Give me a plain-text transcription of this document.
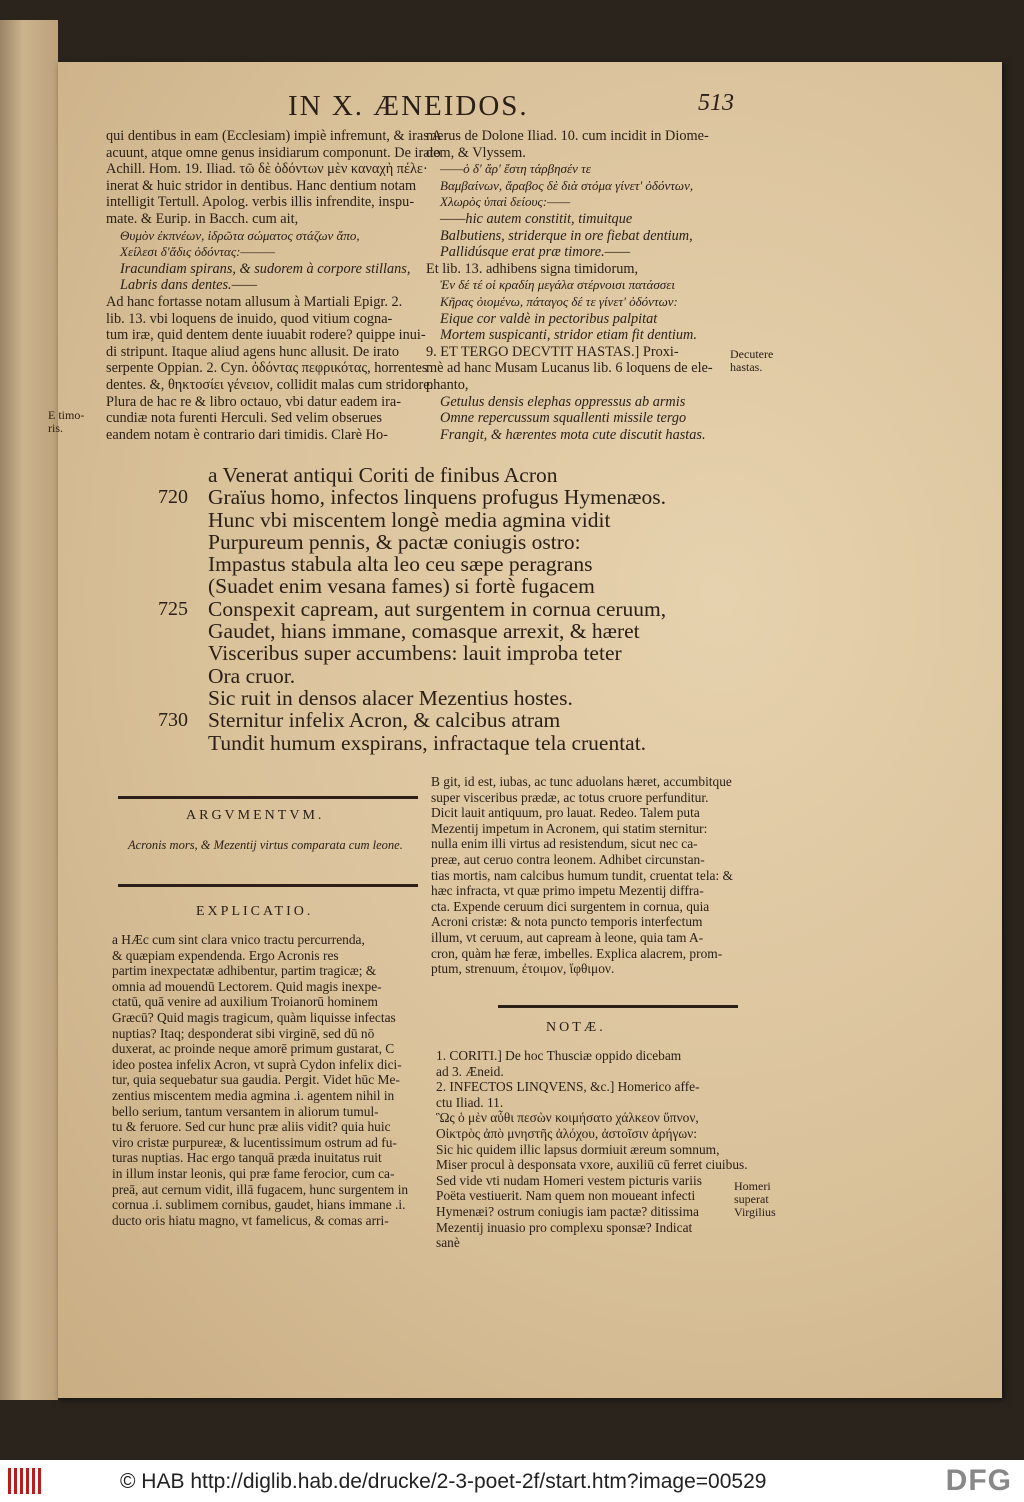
IN X. ÆNEIDOS.	513
qui dentibus in eam (Ecclesiam) impiè infremunt, & iras A
acuunt, atque omne genus insidiarum componunt. De irato
Achill. Hom. 19. Iliad. τῶ δὲ ὀδόντων μὲν καναχὴ πέλε·
inerat & huic stridor in dentibus. Hanc dentium notam
intelligit Tertull. Apolog. verbis illis infrendite, inspu-
mate. & Eurip. in Bacch. cum ait,
Θυμὸν ἐκπνέων, ἱδρῶτα σώματος στάζων ἄπο,
Χείλεσι δ'ἄδις ὀδόντας:———
Iracundiam spirans, & sudorem à corpore stillans,
Labris dans dentes.——
Ad hanc fortasse notam allusum à Martiali Epigr. 2.
lib. 13. vbi loquens de inuido, quod vitium cogna-
tum iræ, quid dentem dente iuuabit rodere? quippe inui-
di stripunt. Itaque aliud agens hunc allusit. De irato
serpente Oppian. 2. Cyn. ὀδόντας πεφρικότας, horrentes
dentes. &, θηκτοσίει γένειον, collidit malas cum stridore.
Plura de hac re & libro octauo, vbi datur eadem ira-
cundiæ nota furenti Herculi. Sed velim obserues
eandem notam è contrario dari timidis. Clarè Ho-
merus de Dolone Iliad. 10. cum incidit in Diome-
dem, & Vlyssem.
——ὁ δ' ἄρ' ἔστη τάρβησέν τε
Βαμβαίνων, ἄραβος δὲ διὰ στόμα γίνετ' ὀδόντων,
Χλωρὸς ὑπαὶ δείους:——
——hic autem constitit, timuitque
Balbutiens, striderque in ore fiebat dentium,
Pallidúsque erat præ timore.——
Et lib. 13. adhibens signa timidorum,
Ἐν δέ τέ οἱ κραδίη μεγάλα στέρνοισι πατάσσει
Κῆρας ὀιομένω, πάταγος δέ τε γίνετ' ὀδόντων:
Eique cor valdè in pectoribus palpitat
Mortem suspicanti, stridor etiam fit dentium.
9. ET TERGO DECVTIT HASTAS.] Proxi-
mè ad hanc Musam Lucanus lib. 6 loquens de ele-
phanto,
Getulus densis elephas oppressus ab armis
Omne repercussum squallenti missile tergo
Frangit, & hærentes mota cute discutit hastas.
Decutere hastas.
E timo- ris.
a Venerat antiqui Coriti de finibus Acron
720 Graïus homo, infectos linquens profugus Hymenæos.
Hunc vbi miscentem longè media agmina vidit
Purpureum pennis, & pactæ coniugis ostro:
Impastus stabula alta leo ceu sæpe peragrans
(Suadet enim vesana fames) si fortè fugacem
725 Conspexit capream, aut surgentem in cornua ceruum,
Gaudet, hians immane, comasque arrexit, & hæret
Visceribus super accumbens: lauit improba teter
Ora cruor.
Sic ruit in densos alacer Mezentius hostes.
730 Sternitur infelix Acron, & calcibus atram
Tundit humum exspirans, infractaque tela cruentat.
ARGVMENTVM.
Acronis mors, & Mezentij virtus comparata cum leone.
EXPLICATIO.
a HÆc cum sint clara vnico tractu percurrenda,
& quæpiam expendenda. Ergo Acronis res
partim inexpectatæ adhibentur, partim tragicæ; &
omnia ad mouendū Lectorem. Quid magis inexpe-
ctatū, quā venire ad auxilium Troianorū hominem
Græcū? Quid magis tragicum, quàm liquisse infectas
nuptias? Itaq; desponderat sibi virginē, sed dū nō
duxerat, ac proinde neque amorē primum gustarat, C
ideo postea infelix Acron, vt suprà Cydon infelix dici-
tur, quia sequebatur sua gaudia. Pergit. Videt hūc Me-
zentius miscentem media agmina .i. agentem nihil in
bello serium, tantum versantem in aliorum tumul-
tu & feruore. Sed cur hunc præ aliis vidit? quia huic
viro cristæ purpureæ, & lucentissimum ostrum ad fu-
turas nuptias. Hac ergo tanquā præda inuitatus ruit
in illum instar leonis, qui præ fame ferocior, cum ca-
preā, aut cernum vidit, illā fugacem, hunc surgentem in
cornua .i. sublimem cornibus, gaudet, hians immane .i.
ducto oris hiatu magno, vt famelicus, & comas arri-
B git, id est, iubas, ac tunc aduolans hæret, accumbitque
super visceribus prædæ, ac totus cruore perfunditur.
Dicit lauit antiquum, pro lauat. Redeo. Talem puta
Mezentij impetum in Acronem, qui statim sternitur:
nulla enim illi virtus ad resistendum, sicut nec ca-
preæ, aut ceruo contra leonem. Adhibet circunstan-
tias mortis, nam calcibus humum tundit, cruentat tela: &
hæc infracta, vt quæ primo impetu Mezentij diffra-
cta. Expende ceruum dici surgentem in cornua, quia
Acroni cristæ: & nota puncto temporis interfectum
illum, vt ceruum, aut capream à leone, quia tam A-
cron, quàm hæ feræ, imbelles. Explica alacrem, prom-
ptum, strenuum, ἐτοιμον, ἴφθιμον.
NOTÆ.
1. CORITI.] De hoc Thusciæ oppido dicebam
ad 3. Æneid.
2. INFECTOS LINQVENS, &c.] Homerico affe-
ctu Iliad. 11.
Ὣς ὁ μὲν αὖθι πεσὼν κοιμήσατο χάλκεον ὕπνον,
Οἰκτρὸς ἀπὸ μνηστῆς ἀλόχου, ἀστοῖσιν ἀρήγων:
Sic hic quidem illic lapsus dormiuit æreum somnum,
Miser procul à desponsata vxore, auxiliū cū ferret ciuibus.
Sed vide vti nudam Homeri vestem picturis variis
Poëta vestiuerit. Nam quem non moueant infecti
Hymenæi? ostrum coniugis iam pactæ? ditissima
Mezentij inuasio pro complexu sponsæ? Indicat
sanè
Homeri superat Virgilius
© HAB http://diglib.hab.de/drucke/2-3-poet-2f/start.htm?image=00529	DFG
